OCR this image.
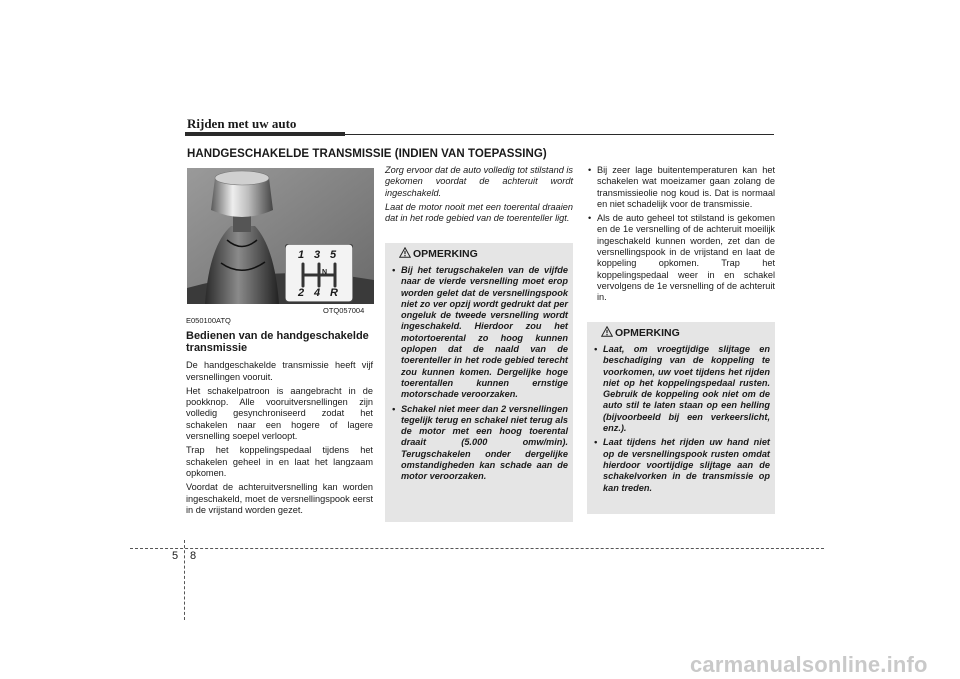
Rijden met uw auto
HANDGESCHAKELDE TRANSMISSIE (INDIEN VAN TOEPASSING)
1 3 5
2 4 R
N
OTQ057004
E050100ATQ
Bedienen van de handgeschakelde transmissie

De handgeschakelde transmissie heeft vijf versnellingen vooruit.

Het schakelpatroon is aangebracht in de pookknop. Alle vooruitversnellingen zijn volledig gesynchroniseerd zodat het schakelen naar een hogere of lagere versnelling soepel verloopt.

Trap het koppelingspedaal tijdens het schakelen geheel in en laat het langzaam opkomen.

Voordat de achteruitversnelling kan worden ingeschakeld, moet de versnellingspook eerst in de vrijstand worden gezet.

Zorg ervoor dat de auto volledig tot stilstand is gekomen voordat de achteruit wordt ingeschakeld.

Laat de motor nooit met een toerental draaien dat in het rode gebied van de toerenteller ligt.

OPMERKING
• Bij het terugschakelen van de vijfde naar de vierde versnelling moet erop worden gelet dat de versnellingspook niet zo ver opzij wordt gedrukt dat per ongeluk de tweede versnelling wordt ingeschakeld. Hierdoor zou het motortoerental zo hoog kunnen oplopen dat de naald van de toerenteller in het rode gebied terecht zou kunnen komen. Dergelijke hoge toerentallen kunnen ernstige motorschade veroorzaken.
• Schakel niet meer dan 2 versnellingen tegelijk terug en schakel niet terug als de motor met een hoog toerental draait (5.000 omw/min). Terugschakelen onder dergelijke omstandigheden kan schade aan de motor veroorzaken.
• Bij zeer lage buitentemperaturen kan het schakelen wat moeizamer gaan zolang de transmissieolie nog koud is. Dat is normaal en niet schadelijk voor de transmissie.
• Als de auto geheel tot stilstand is gekomen en de 1e versnelling of de achteruit moeilijk ingeschakeld kunnen worden, zet dan de versnellingspook in de vrijstand en laat de koppeling opkomen. Trap het koppelingspedaal weer in en schakel vervolgens de 1e versnelling of de achteruit in.
OPMERKING
• Laat, om vroegtijdige slijtage en beschadiging van de koppeling te voorkomen, uw voet tijdens het rijden niet op het koppelingspedaal rusten. Gebruik de koppeling ook niet om de auto stil te laten staan op een helling (bijvoorbeeld bij een verkeerslicht, enz.).
• Laat tijdens het rijden uw hand niet op de versnellingspook rusten omdat hierdoor voortijdige slijtage aan de schakelvorken in de transmissie op kan treden.
5 8
carmanualsonline.info
